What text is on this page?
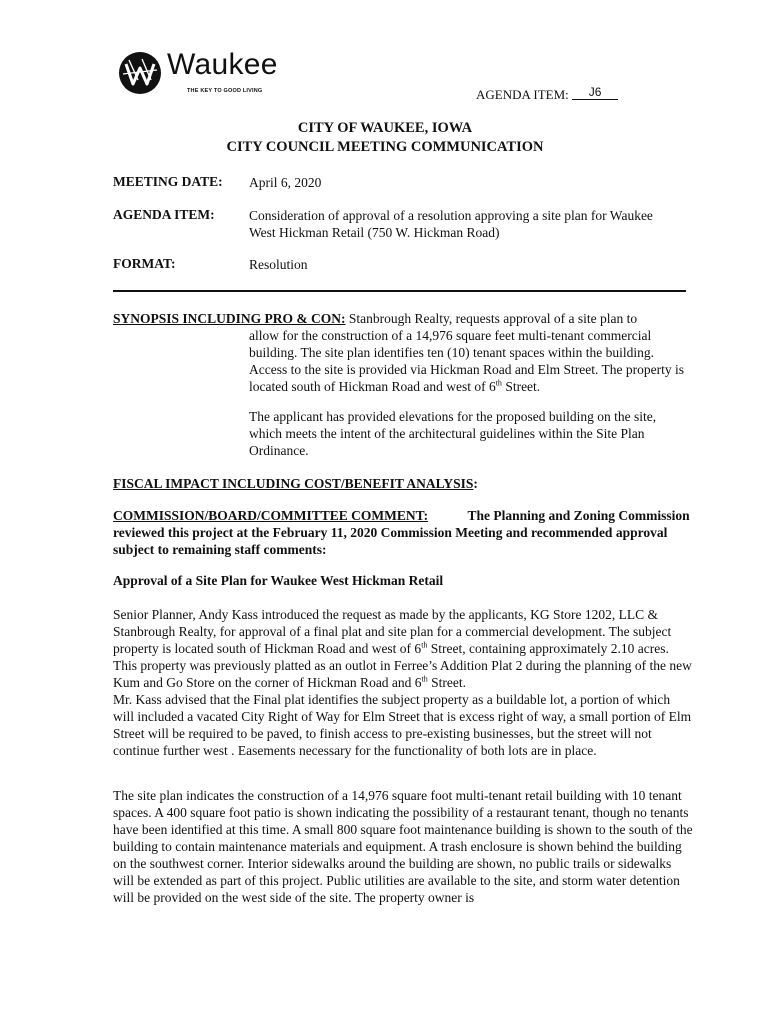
Waukee
THE KEY TO GOOD LIVING	AGENDA ITEM: J6
CITY OF WAUKEE, IOWA
CITY COUNCIL MEETING COMMUNICATION
MEETING DATE: April 6, 2020
AGENDA ITEM:	Consideration of approval of a resolution approving a site plan for Waukee West Hickman Retail (750 W. Hickman Road)
FORMAT:	Resolution
SYNOPSIS INCLUDING PRO & CON: Stanbrough Realty, requests approval of a site plan to
allow for the construction of a 14,976 square feet multi-tenant commercial building. The site plan identifies ten (10) tenant spaces within the building. Access to the site is provided via Hickman Road and Elm Street. The property is located south of Hickman Road and west of 6th Street.
The applicant has provided elevations for the proposed building on the site, which meets the intent of the architectural guidelines within the Site Plan Ordinance.
FISCAL IMPACT INCLUDING COST/BENEFIT ANALYSIS:
COMMISSION/BOARD/COMMITTEE COMMENT:	The Planning and Zoning Commission reviewed this project at the February 11, 2020 Commission Meeting and recommended approval subject to remaining staff comments:
Approval of a Site Plan for Waukee West Hickman Retail
Senior Planner, Andy Kass introduced the request as made by the applicants, KG Store 1202, LLC & Stanbrough Realty, for approval of a final plat and site plan for a commercial development. The subject property is located south of Hickman Road and west of 6th Street, containing approximately 2.10 acres. This property was previously platted as an outlot in Ferree’s Addition Plat 2 during the planning of the new Kum and Go Store on the corner of Hickman Road and 6th Street.
Mr. Kass advised that the Final plat identifies the subject property as a buildable lot, a portion of which will included a vacated City Right of Way for Elm Street that is excess right of way, a small portion of Elm Street will be required to be paved, to finish access to pre-existing businesses, but the street will not continue further west . Easements necessary for the functionality of both lots are in place.
The site plan indicates the construction of a 14,976 square foot multi-tenant retail building with 10 tenant spaces. A 400 square foot patio is shown indicating the possibility of a restaurant tenant, though no tenants have been identified at this time. A small 800 square foot maintenance building is shown to the south of the building to contain maintenance materials and equipment. A trash enclosure is shown behind the building on the southwest corner. Interior sidewalks around the building are shown, no public trails or sidewalks will be extended as part of this project. Public utilities are available to the site, and storm water detention will be provided on the west side of the site. The property owner is
